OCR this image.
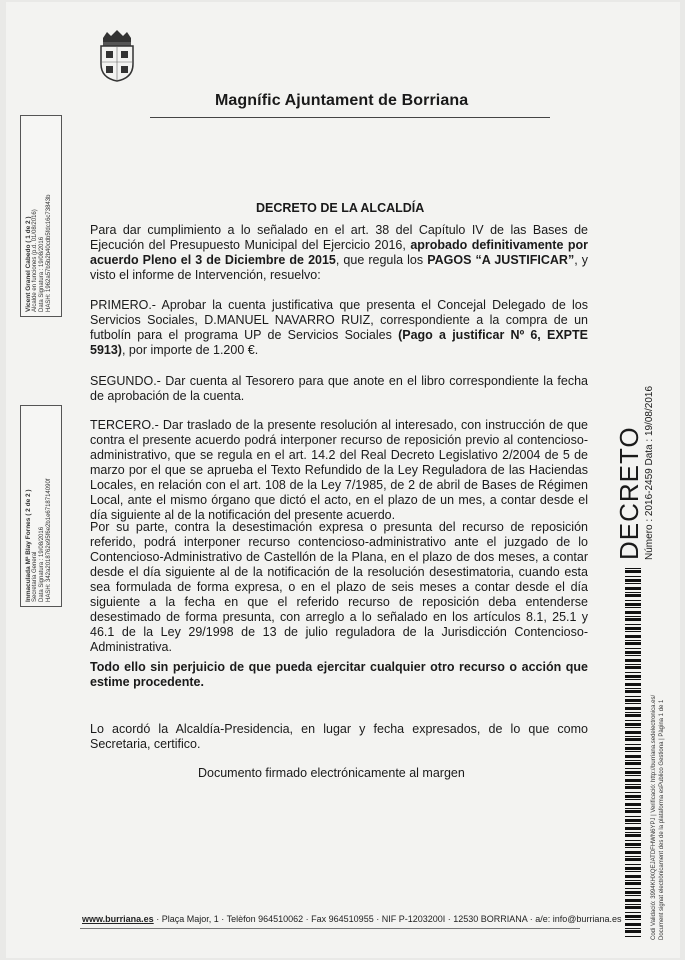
Magnífic Ajuntament de Borriana
Vicent Granel Cabedo ( 1 de 2 ) Alcalde en funciones (p.d. 01/08/2016) Data Signatura : 19/08/2016 HASH: 1962a57b5b2b40cdb5fdc16c73843b
Inmaculada Mª Blay Fornes ( 2 de 2 ) Secretaria General Data Signatura : 19/08/2016 HASH: 342a2018762e95f6e2b1e6718714090f
DECRETO DE LA ALCALDÍA

Para dar cumplimiento a lo señalado en el art. 38 del Capítulo IV de las Bases de Ejecución del Presupuesto Municipal del Ejercicio 2016, aprobado definitivamente por acuerdo Pleno el 3 de Diciembre de 2015, que regula los PAGOS “A JUSTIFICAR”, y visto el informe de Intervención, resuelvo:

PRIMERO.- Aprobar la cuenta justificativa que presenta el Concejal Delegado de los Servicios Sociales, D.MANUEL NAVARRO RUIZ, correspondiente a la compra de un futbolín para el programa UP de Servicios Sociales (Pago a justificar Nº 6, EXPTE 5913), por importe de 1.200 €.

SEGUNDO.- Dar cuenta al Tesorero para que anote en el libro correspondiente la fecha de aprobación de la cuenta.

TERCERO.- Dar traslado de la presente resolución al interesado, con instrucción de que contra el presente acuerdo podrá interponer recurso de reposición previo al contencioso-administrativo, que se regula en el art. 14.2 del Real Decreto Legislativo 2/2004 de 5 de marzo por el que se aprueba el Texto Refundido de la Ley Reguladora de las Haciendas Locales, en relación con el art. 108 de la Ley 7/1985, de 2 de abril de Bases de Régimen Local, ante el mismo órgano que dictó el acto, en el plazo de un mes, a contar desde el día siguiente al de la notificación del presente acuerdo.

Por su parte, contra la desestimación expresa o presunta del recurso de reposición referido, podrá interponer recurso contencioso-administrativo ante el juzgado de lo Contencioso-Administrativo de Castellón de la Plana, en el plazo de dos meses, a contar desde el día siguiente al de la notificación de la resolución desestimatoria, cuando esta sea formulada de forma expresa, o en el plazo de seis meses a contar desde el día siguiente a la fecha en que el referido recurso de reposición deba entenderse desestimado de forma presunta, con arreglo a lo señalado en los artículos 8.1, 25.1 y 46.1 de la Ley 29/1998 de 13 de julio reguladora de la Jurisdicción Contencioso-Administrativa.

Todo ello sin perjuicio de que pueda ejercitar cualquier otro recurso o acción que estime procedente.

Lo acordó la Alcaldía-Presidencia, en lugar y fecha expresados, de lo que como Secretaria, certifico.

Documento firmado electrónicamente al margen
DECRETO Número : 2016-2459 Data : 19/08/2016
Codi Validació: 3994KHXQEJATDFHWN6YPJ | Verificació: http://burriana.sedelectronica.es/ Document signat electrònicament des de la plataforma esPublico Gestiona | Pàgina 1 de 1
www.burriana.es · Plaça Major, 1 · Telèfon 964510062 · Fax 964510955 · NIF P-1203200I · 12530 BORRIANA · a/e: info@burriana.es
